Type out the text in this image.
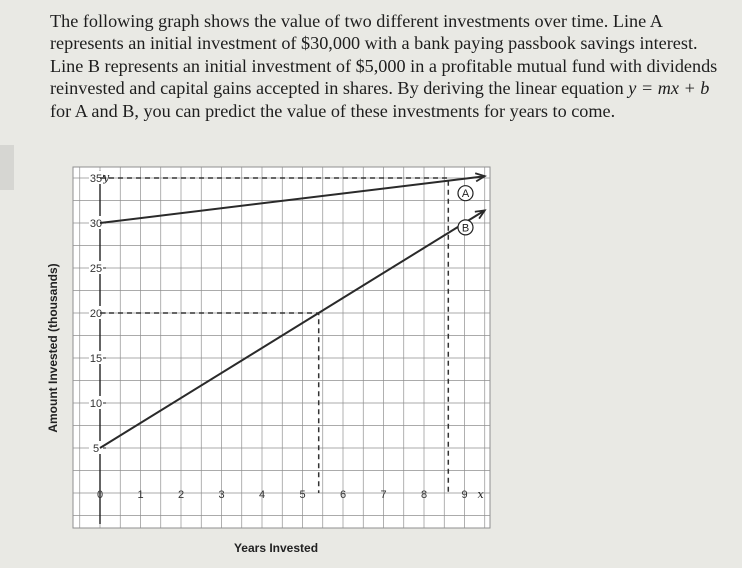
The following graph shows the value of two different investments over time. Line A represents an initial investment of $30,000 with a bank paying passbook savings interest. Line B represents an initial investment of $5,000 in a profitable mutual fund with dividends reinvested and capital gains accepted in shares. By deriving the linear equation y = mx + b for A and B, you can predict the value of these investments for years to come.

y
5
10
15
20
25
30
35
0	1	2	3	4	5	6	7	8	9 x
Years Invested
Amount Invested (thousands)
A
B
